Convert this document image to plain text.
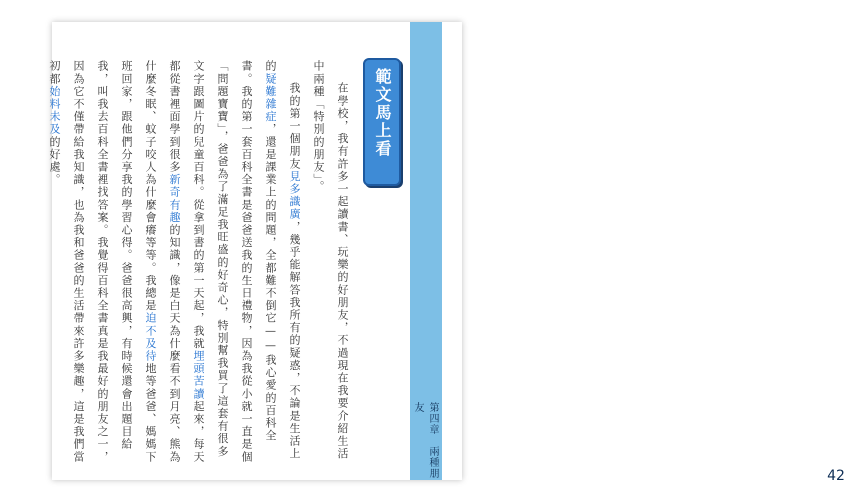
第四章　兩種朋友
42
範文馬上看

在學校，我有許多一起讀書、玩樂的好朋友，不過現在我要介紹生活中兩種「特別的朋友」。

我的第一個朋友見多識廣，幾乎能解答我所有的疑惑，不論是生活上的疑難雜症，還是課業上的問題，全都難不倒它——我心愛的百科全書。我的第一套百科全書是爸爸送我的生日禮物，因為我從小就一直是個「問題寶寶」，爸爸為了滿足我旺盛的好奇心，特別幫我買了這套有很多文字跟圖片的兒童百科。從拿到書的第一天起，我就埋頭苦讀起來，每天都從書裡面學到很多新奇有趣的知識，像是白天為什麼看不到月亮、熊為什麼冬眠、蚊子咬人為什麼會癢等等。我總是迫不及待地等爸爸、媽媽下班回家，跟他們分享我的學習心得。爸爸很高興，有時候還會出題目給我，叫我去百科全書裡找答案。我覺得百科全書真是我最好的朋友之一，因為它不僅帶給我知識，也為我和爸爸的生活帶來許多樂趣，這是我們當初都始料未及的好處。
